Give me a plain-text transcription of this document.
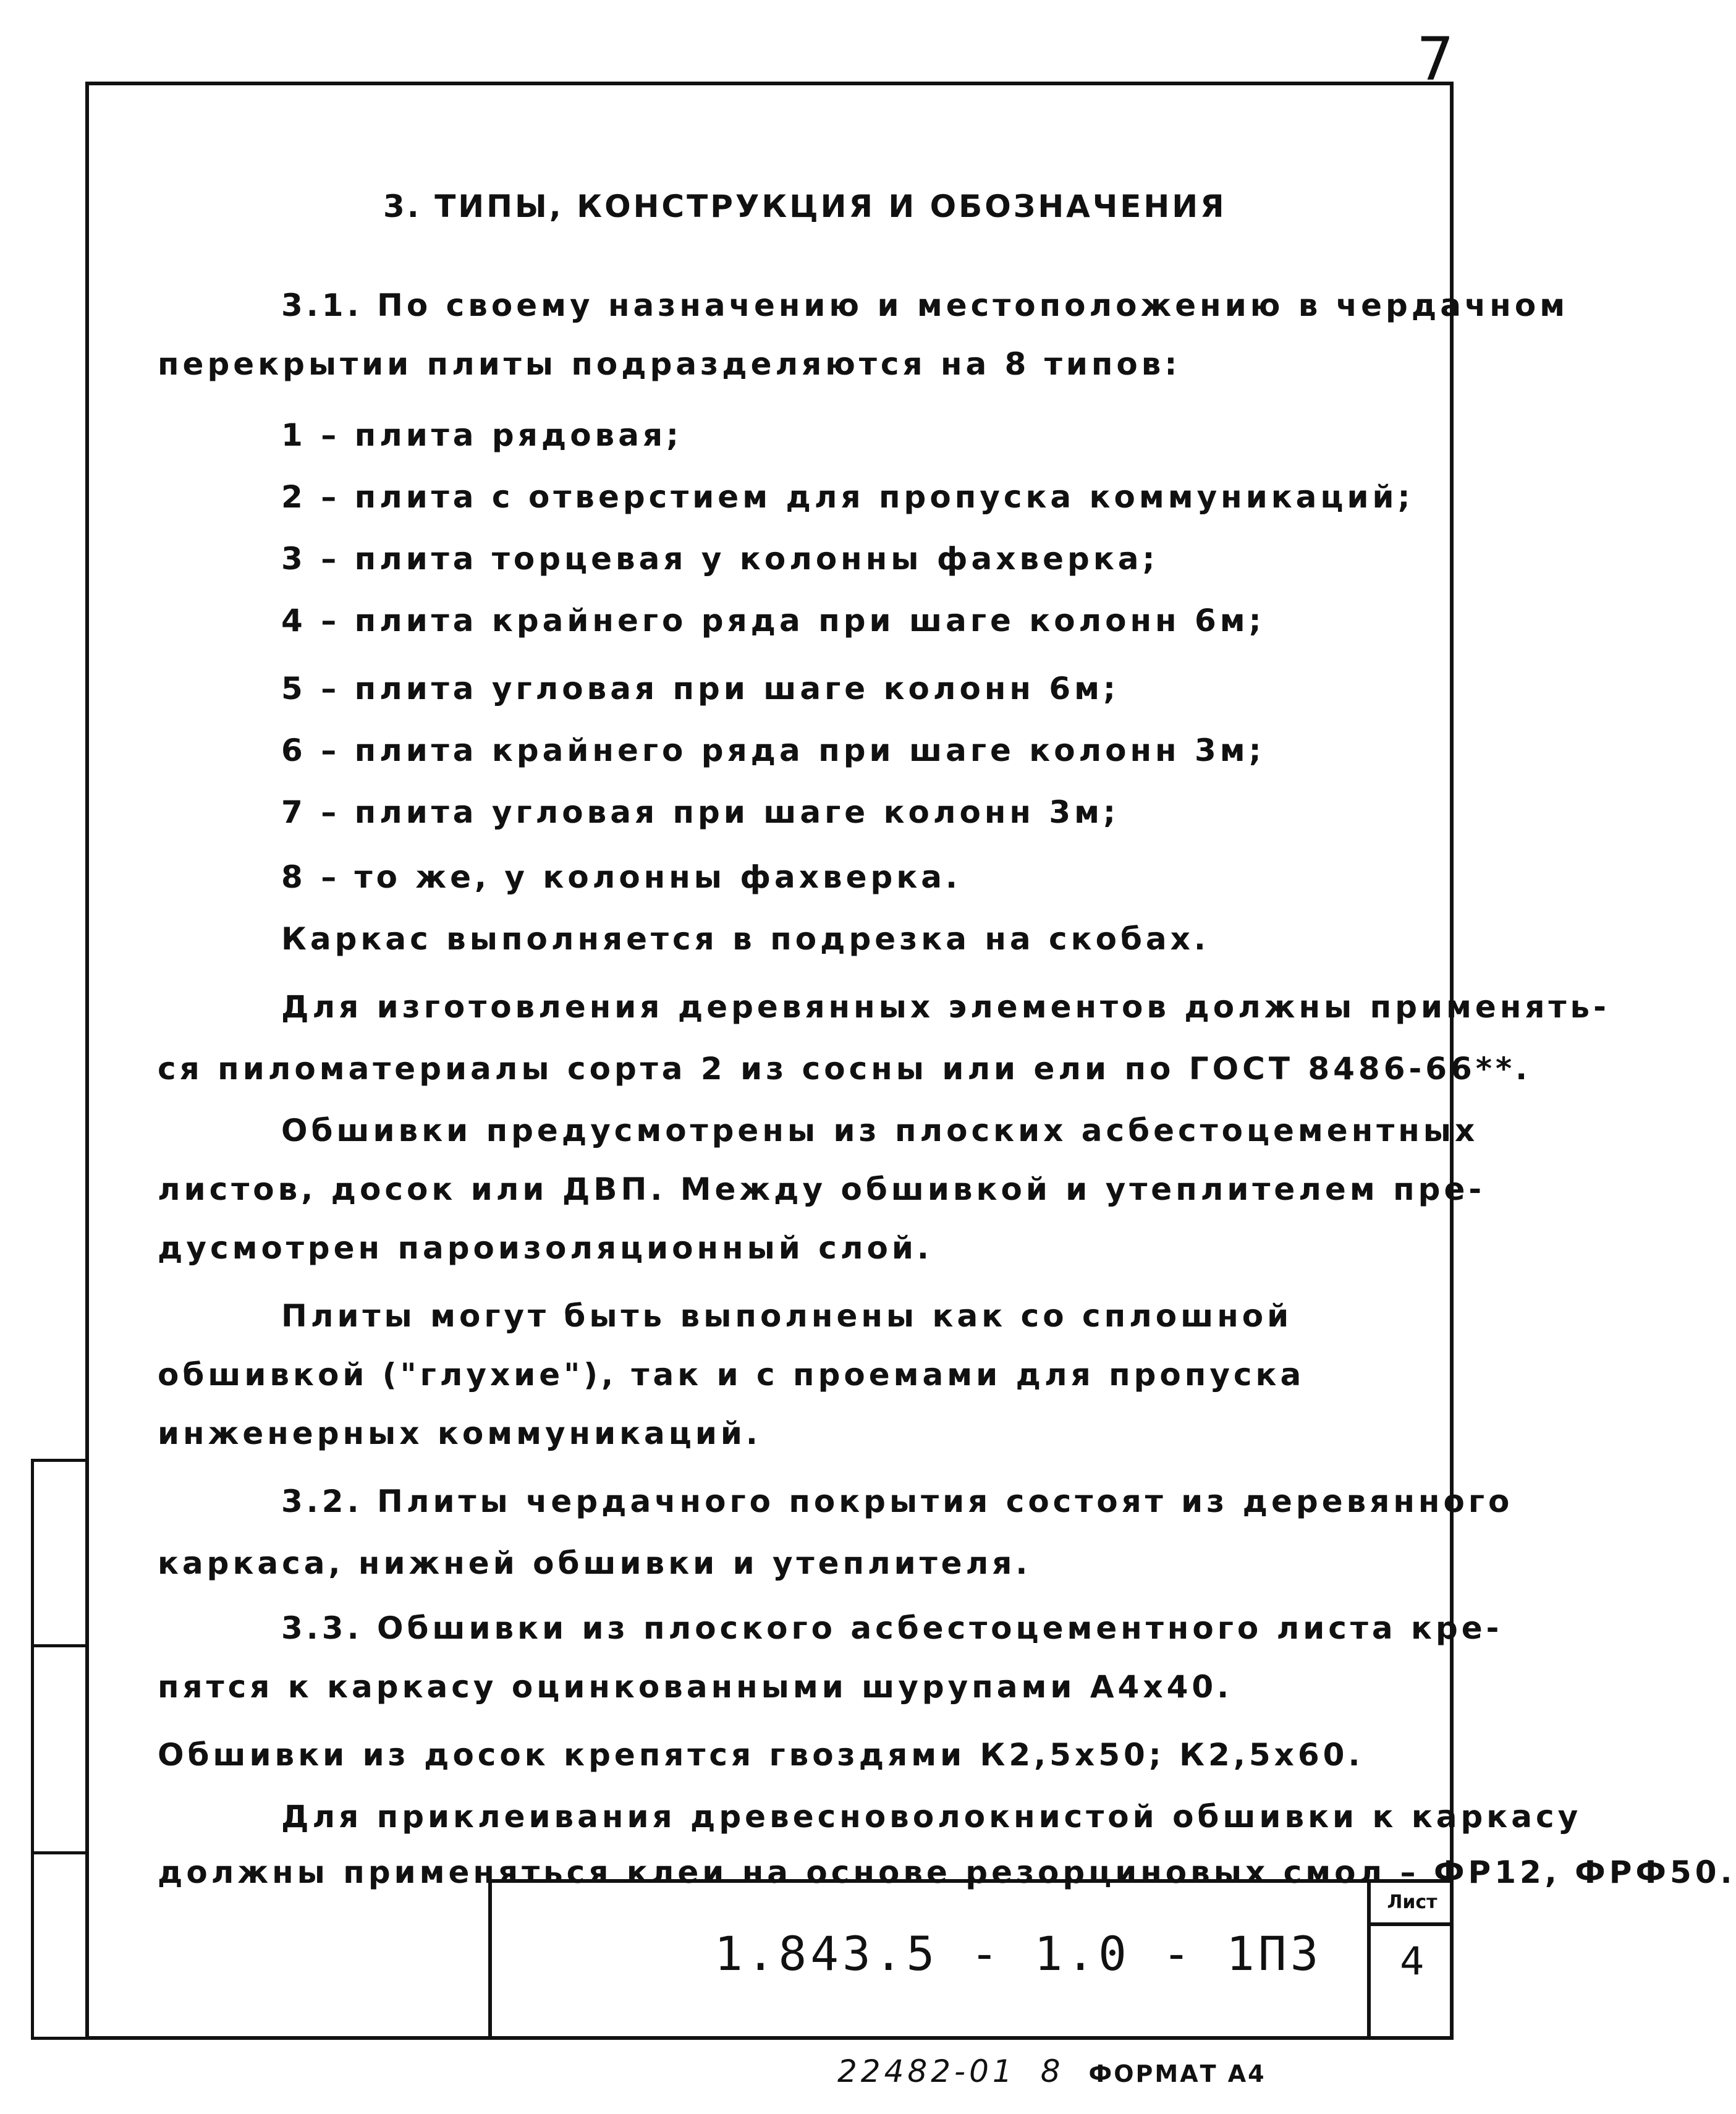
7
3. ТИПЫ, КОНСТРУКЦИЯ И ОБОЗНАЧЕНИЯ
3.1. По своему назначению и местоположению в чердачном
перекрытии плиты подразделяются на 8 типов:
1 – плита рядовая;
2 – плита с отверстием для пропуска коммуникаций;
3 – плита торцевая у колонны фахверка;
4 – плита крайнего ряда при шаге колонн 6м;
5 – плита угловая при шаге колонн 6м;
6 – плита крайнего ряда при шаге колонн 3м;
7 – плита угловая при шаге колонн 3м;
8 – то же, у колонны фахверка.
Каркас выполняется в подрезка на скобах.
Для изготовления деревянных элементов должны применять-
ся пиломатериалы сорта 2 из сосны или ели по ГОСТ 8486-66**.
Обшивки предусмотрены из плоских асбестоцементных
листов, досок или ДВП. Между обшивкой и утеплителем пре-
дусмотрен пароизоляционный слой.
Плиты могут быть выполнены как со сплошной
обшивкой ("глухие"), так и с проемами для пропуска
инженерных коммуникаций.
3.2. Плиты чердачного покрытия состоят из деревянного
каркаса, нижней обшивки и утеплителя.
3.3. Обшивки из плоского асбестоцементного листа кре-
пятся к каркасу оцинкованными шурупами А4х40.
Обшивки из досок крепятся гвоздями К2,5х50; К2,5х60.
Для приклеивания древесноволокнистой обшивки к каркасу
должны применяться клеи на основе резорциновых смол – ФР12, ФРФ50.
1.843.5 - 1.0 - 1ПЗ
Лист
4
22482-01 8 ФОРМАТ А4
